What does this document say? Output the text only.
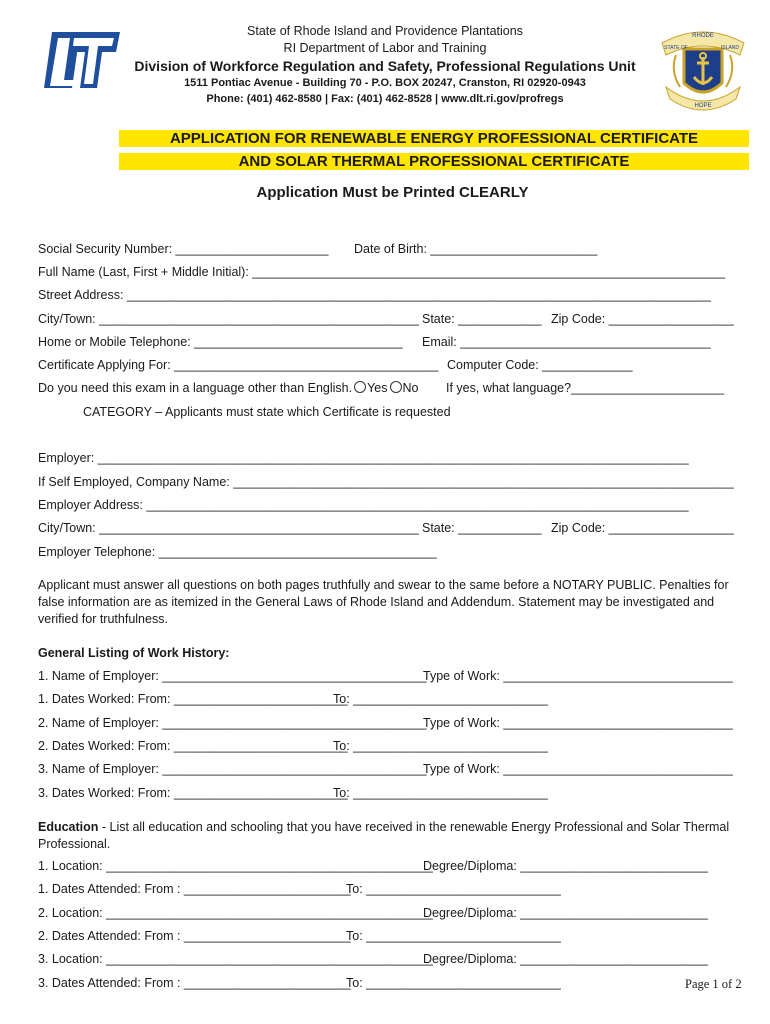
RHODE
STATE OF	ISLAND
HOPE
State of Rhode Island and Providence Plantations
RI Department of Labor and Training
Division of Workforce Regulation and Safety, Professional Regulations Unit
1511 Pontiac Avenue - Building 70 - P.O. BOX 20247, Cranston, RI 02920-0943
Phone: (401) 462-8580 | Fax: (401) 462-8528 | www.dlt.ri.gov/profregs
APPLICATION FOR RENEWABLE ENERGY PROFESSIONAL CERTIFICATE
AND SOLAR THERMAL PROFESSIONAL CERTIFICATE
Application Must be Printed CLEARLY
Social Security Number: ______________________ Date of Birth: ________________________
Full Name (Last, First + Middle Initial): ____________________________________________________________________
Street Address: ____________________________________________________________________________________
City/Town: ______________________________________________ State: ____________ Zip Code: __________________
Home or Mobile Telephone: ______________________________ Email: ____________________________________
Certificate Applying For: ______________________________________ Computer Code: _____________
Do you need this exam in a language other than English. Yes No If yes, what language?______________________
CATEGORY – Applicants must state which Certificate is requested
Employer: _____________________________________________________________________________________
If Self Employed, Company Name: ________________________________________________________________________
Employer Address: ______________________________________________________________________________
City/Town: ______________________________________________ State: ____________ Zip Code: __________________
Employer Telephone: ________________________________________
Applicant must answer all questions on both pages truthfully and swear to the same before a NOTARY PUBLIC. Penalties for false information are as itemized in the General Laws of Rhode Island and Addendum. Statement may be investigated and verified for truthfulness.
General Listing of Work History:
1. Name of Employer: ______________________________________
Type of Work: _________________________________
1. Dates Worked: From: _________________________
To: ____________________________
2. Name of Employer: ______________________________________
Type of Work: _________________________________
2. Dates Worked: From: _________________________
To: ____________________________
3. Name of Employer: ______________________________________
Type of Work: _________________________________
3. Dates Worked: From: _________________________
To: ____________________________
Education - List all education and schooling that you have received in the renewable Energy Professional and Solar Thermal Professional.
1. Location: _______________________________________________
Degree/Diploma: ___________________________
1. Dates Attended: From : ________________________
To: ____________________________
2. Location: _______________________________________________
Degree/Diploma: ___________________________
2. Dates Attended: From : ________________________
To: ____________________________
3. Location: _______________________________________________
Degree/Diploma: ___________________________
3. Dates Attended: From : ________________________
To: ____________________________	Page 1 of 2
